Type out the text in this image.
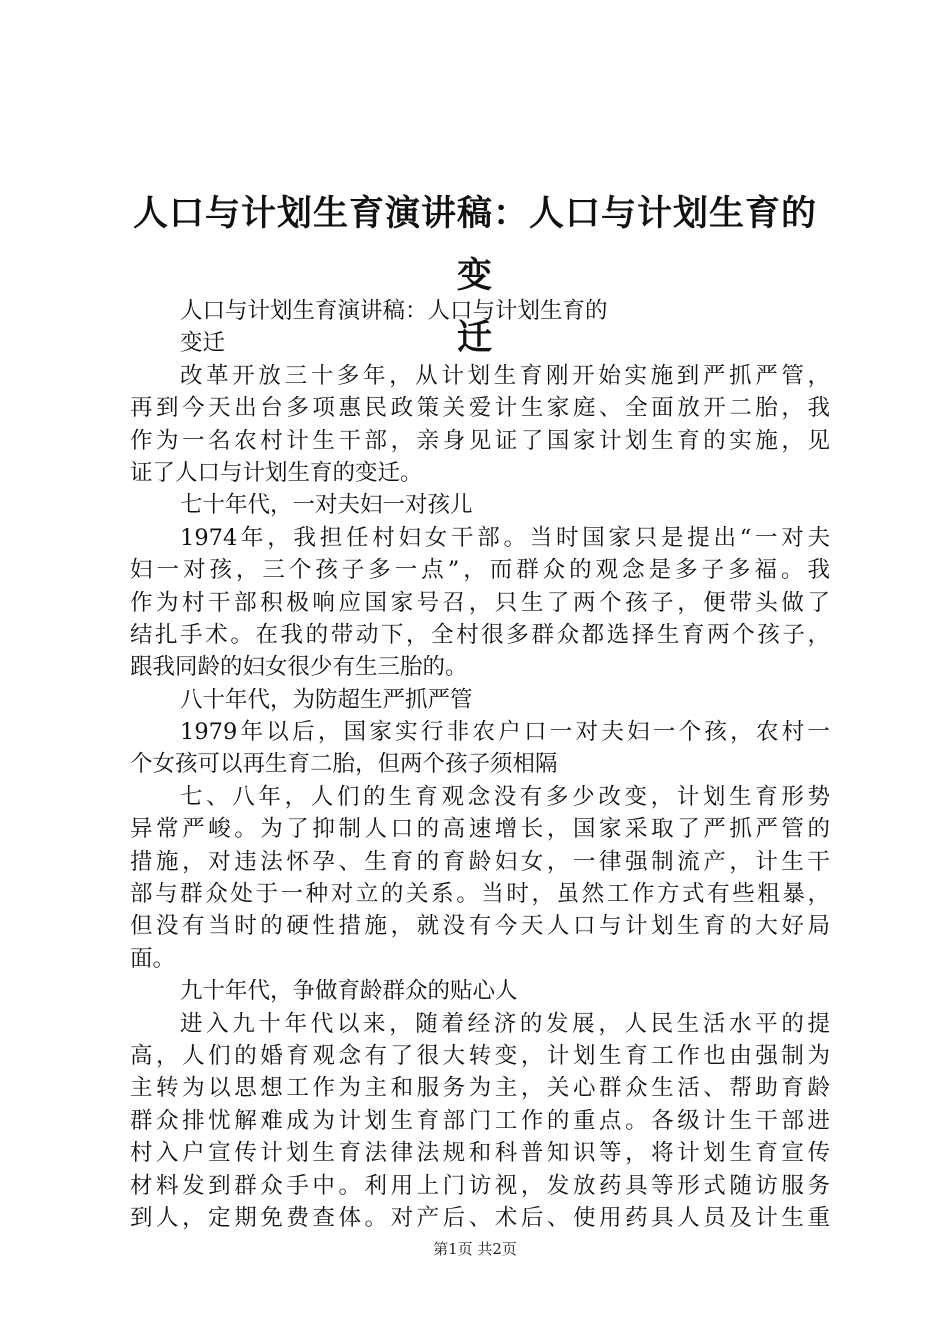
人口与计划生育演讲稿：人口与计划生育的变
迁
人口与计划生育演讲稿：人口与计划生育的
变迁
改革开放三十多年，从计划生育刚开始实施到严抓严管，
再到今天出台多项惠民政策关爱计生家庭、全面放开二胎，我
作为一名农村计生干部，亲身见证了国家计划生育的实施，见
证了人口与计划生育的变迁。
七十年代，一对夫妇一对孩儿
1974年，我担任村妇女干部。当时国家只是提出“一对夫
妇一对孩，三个孩子多一点”，而群众的观念是多子多福。我
作为村干部积极响应国家号召，只生了两个孩子，便带头做了
结扎手术。在我的带动下，全村很多群众都选择生育两个孩子，
跟我同龄的妇女很少有生三胎的。
八十年代，为防超生严抓严管
1979年以后，国家实行非农户口一对夫妇一个孩，农村一
个女孩可以再生育二胎，但两个孩子须相隔
七、八年，人们的生育观念没有多少改变，计划生育形势
异常严峻。为了抑制人口的高速增长，国家采取了严抓严管的
措施，对违法怀孕、生育的育龄妇女，一律强制流产，计生干
部与群众处于一种对立的关系。当时，虽然工作方式有些粗暴，
但没有当时的硬性措施，就没有今天人口与计划生育的大好局
面。
九十年代，争做育龄群众的贴心人
进入九十年代以来，随着经济的发展，人民生活水平的提
高，人们的婚育观念有了很大转变，计划生育工作也由强制为
主转为以思想工作为主和服务为主，关心群众生活、帮助育龄
群众排忧解难成为计划生育部门工作的重点。各级计生干部进
村入户宣传计划生育法律法规和科普知识等，将计划生育宣传
材料发到群众手中。利用上门访视，发放药具等形式随访服务
到人，定期免费查体。对产后、术后、使用药具人员及计生重
第1页 共2页
